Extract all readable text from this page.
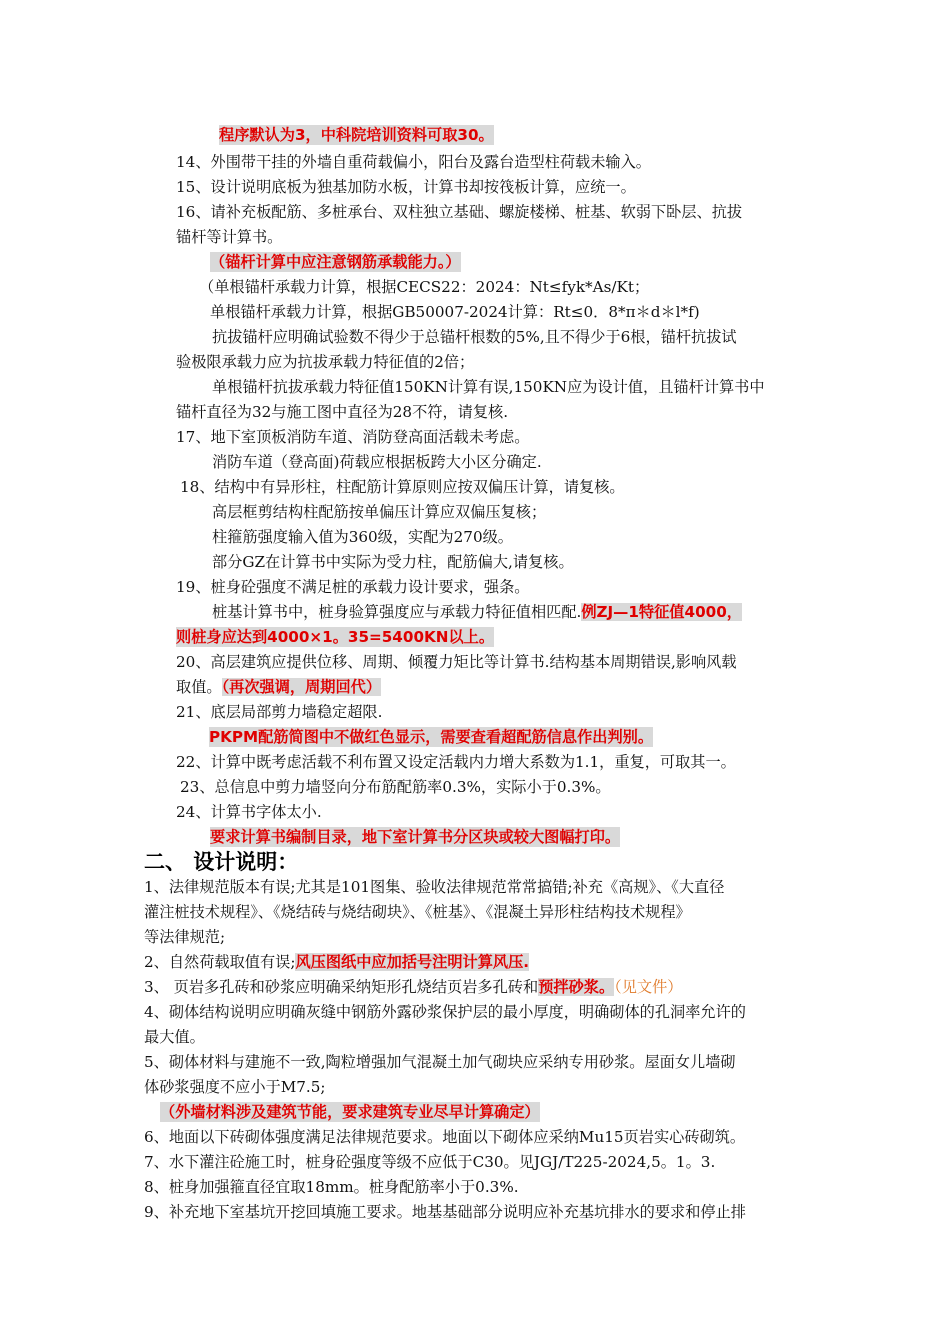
程序默认为3，中科院培训资料可取30。
14、外围带干挂的外墙自重荷载偏小，阳台及露台造型柱荷载未输入。
15、设计说明底板为独基加防水板，计算书却按筏板计算，应统一。
16、请补充板配筋、多桩承台、双柱独立基础、螺旋楼梯、桩基、软弱下卧层、抗拔
锚杆等计算书。
（锚杆计算中应注意钢筋承载能力。）
（单根锚杆承载力计算，根据CECS22：2024：Nt≤fyk*As/Kt；
单根锚杆承载力计算，根据GB50007-2024计算：Rt≤0．8*π＊d＊l*f)
抗拔锚杆应明确试验数不得少于总锚杆根数的5%,且不得少于6根，锚杆抗拔试
验极限承载力应为抗拔承载力特征值的2倍；
单根锚杆抗拔承载力特征值150KN计算有误,150KN应为设计值，且锚杆计算书中
锚杆直径为32与施工图中直径为28不符，请复核.
17、地下室顶板消防车道、消防登高面活载未考虑。
消防车道（登高面)荷载应根据板跨大小区分确定.
18、结构中有异形柱，柱配筋计算原则应按双偏压计算，请复核。
高层框剪结构柱配筋按单偏压计算应双偏压复核；
柱箍筋强度输入值为360级，实配为270级。
部分GZ在计算书中实际为受力柱，配筋偏大,请复核。
19、桩身砼强度不满足桩的承载力设计要求，强条。
桩基计算书中，桩身验算强度应与承载力特征值相匹配.例ZJ—1特征值4000，
则桩身应达到4000×1。35=5400KN以上。
20、高层建筑应提供位移、周期、倾覆力矩比等计算书.结构基本周期错误,影响风载
取值。（再次强调，周期回代）
21、底层局部剪力墙稳定超限.
PKPM配筋简图中不做红色显示，需要查看超配筋信息作出判别。
22、计算中既考虑活载不利布置又设定活载内力增大系数为1.1，重复，可取其一。
23、总信息中剪力墙竖向分布筋配筋率0.3%，实际小于0.3%。
24、计算书字体太小.
要求计算书编制目录，地下室计算书分区块或较大图幅打印。
二、 设计说明：
1、法律规范版本有误;尤其是101图集、验收法律规范常常搞错;补充《高规》、《大直径
灌注桩技术规程》、《烧结砖与烧结砌块》、《桩基》、《混凝土异形柱结构技术规程》
等法律规范;
2、自然荷载取值有误;风压图纸中应加括号注明计算风压.
3、 页岩多孔砖和砂浆应明确采纳矩形孔烧结页岩多孔砖和预拌砂浆。（见文件）
4、砌体结构说明应明确灰缝中钢筋外露砂浆保护层的最小厚度，明确砌体的孔洞率允许的
最大值。
5、砌体材料与建施不一致,陶粒增强加气混凝土加气砌块应采纳专用砂浆。屋面女儿墙砌
体砂浆强度不应小于M7.5;
（外墙材料涉及建筑节能，要求建筑专业尽早计算确定）
6、地面以下砖砌体强度满足法律规范要求。地面以下砌体应采纳Mu15页岩实心砖砌筑。
7、水下灌注砼施工时，桩身砼强度等级不应低于C30。见JGJ/T225-2024,5。1。3.
8、桩身加强箍直径宜取18mm。桩身配筋率小于0.3%.
9、补充地下室基坑开挖回填施工要求。地基基础部分说明应补充基坑排水的要求和停止排
